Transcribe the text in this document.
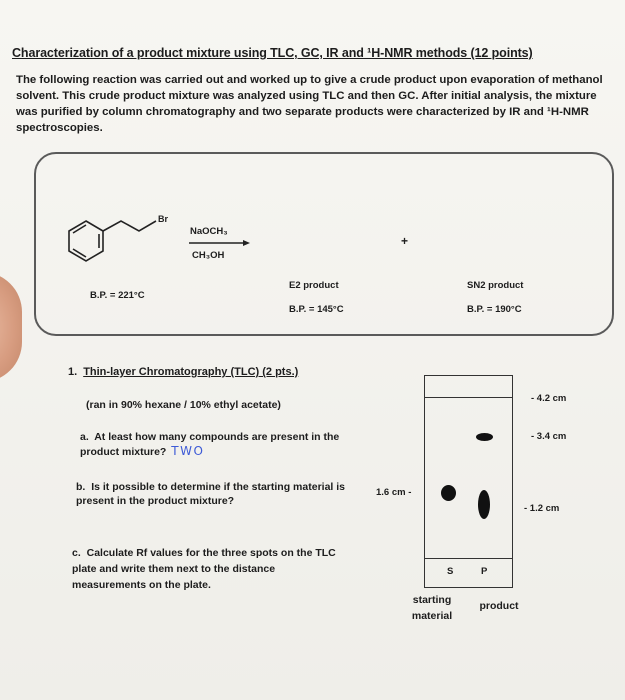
Characterization of a product mixture using TLC, GC, IR and ¹H-NMR methods (12 points)

The following reaction was carried out and worked up to give a crude product upon evaporation of methanol

solvent. This crude product mixture was analyzed using TLC and then GC. After initial analysis, the mixture

was purified by column chromatography and two separate products were characterized by IR and ¹H-NMR

spectroscopies.

Br
NaOCH₃
CH₃OH
+
B.P. = 221°C
E2 product
B.P. = 145°C
SN2 product
B.P. = 190°C
1. Thin-layer Chromatography (TLC) (2 pts.)
(ran in 90% hexane / 10% ethyl acetate)
a. At least how many compounds are present in the
product mixture? TWO
b. Is it possible to determine if the starting material is
present in the product mixture?
c. Calculate Rf values for the three spots on the TLC
plate and write them next to the distance
measurements on the plate.
S	P
- 4.2 cm
- 3.4 cm
- 1.2 cm
1.6 cm -
starting
material
product
